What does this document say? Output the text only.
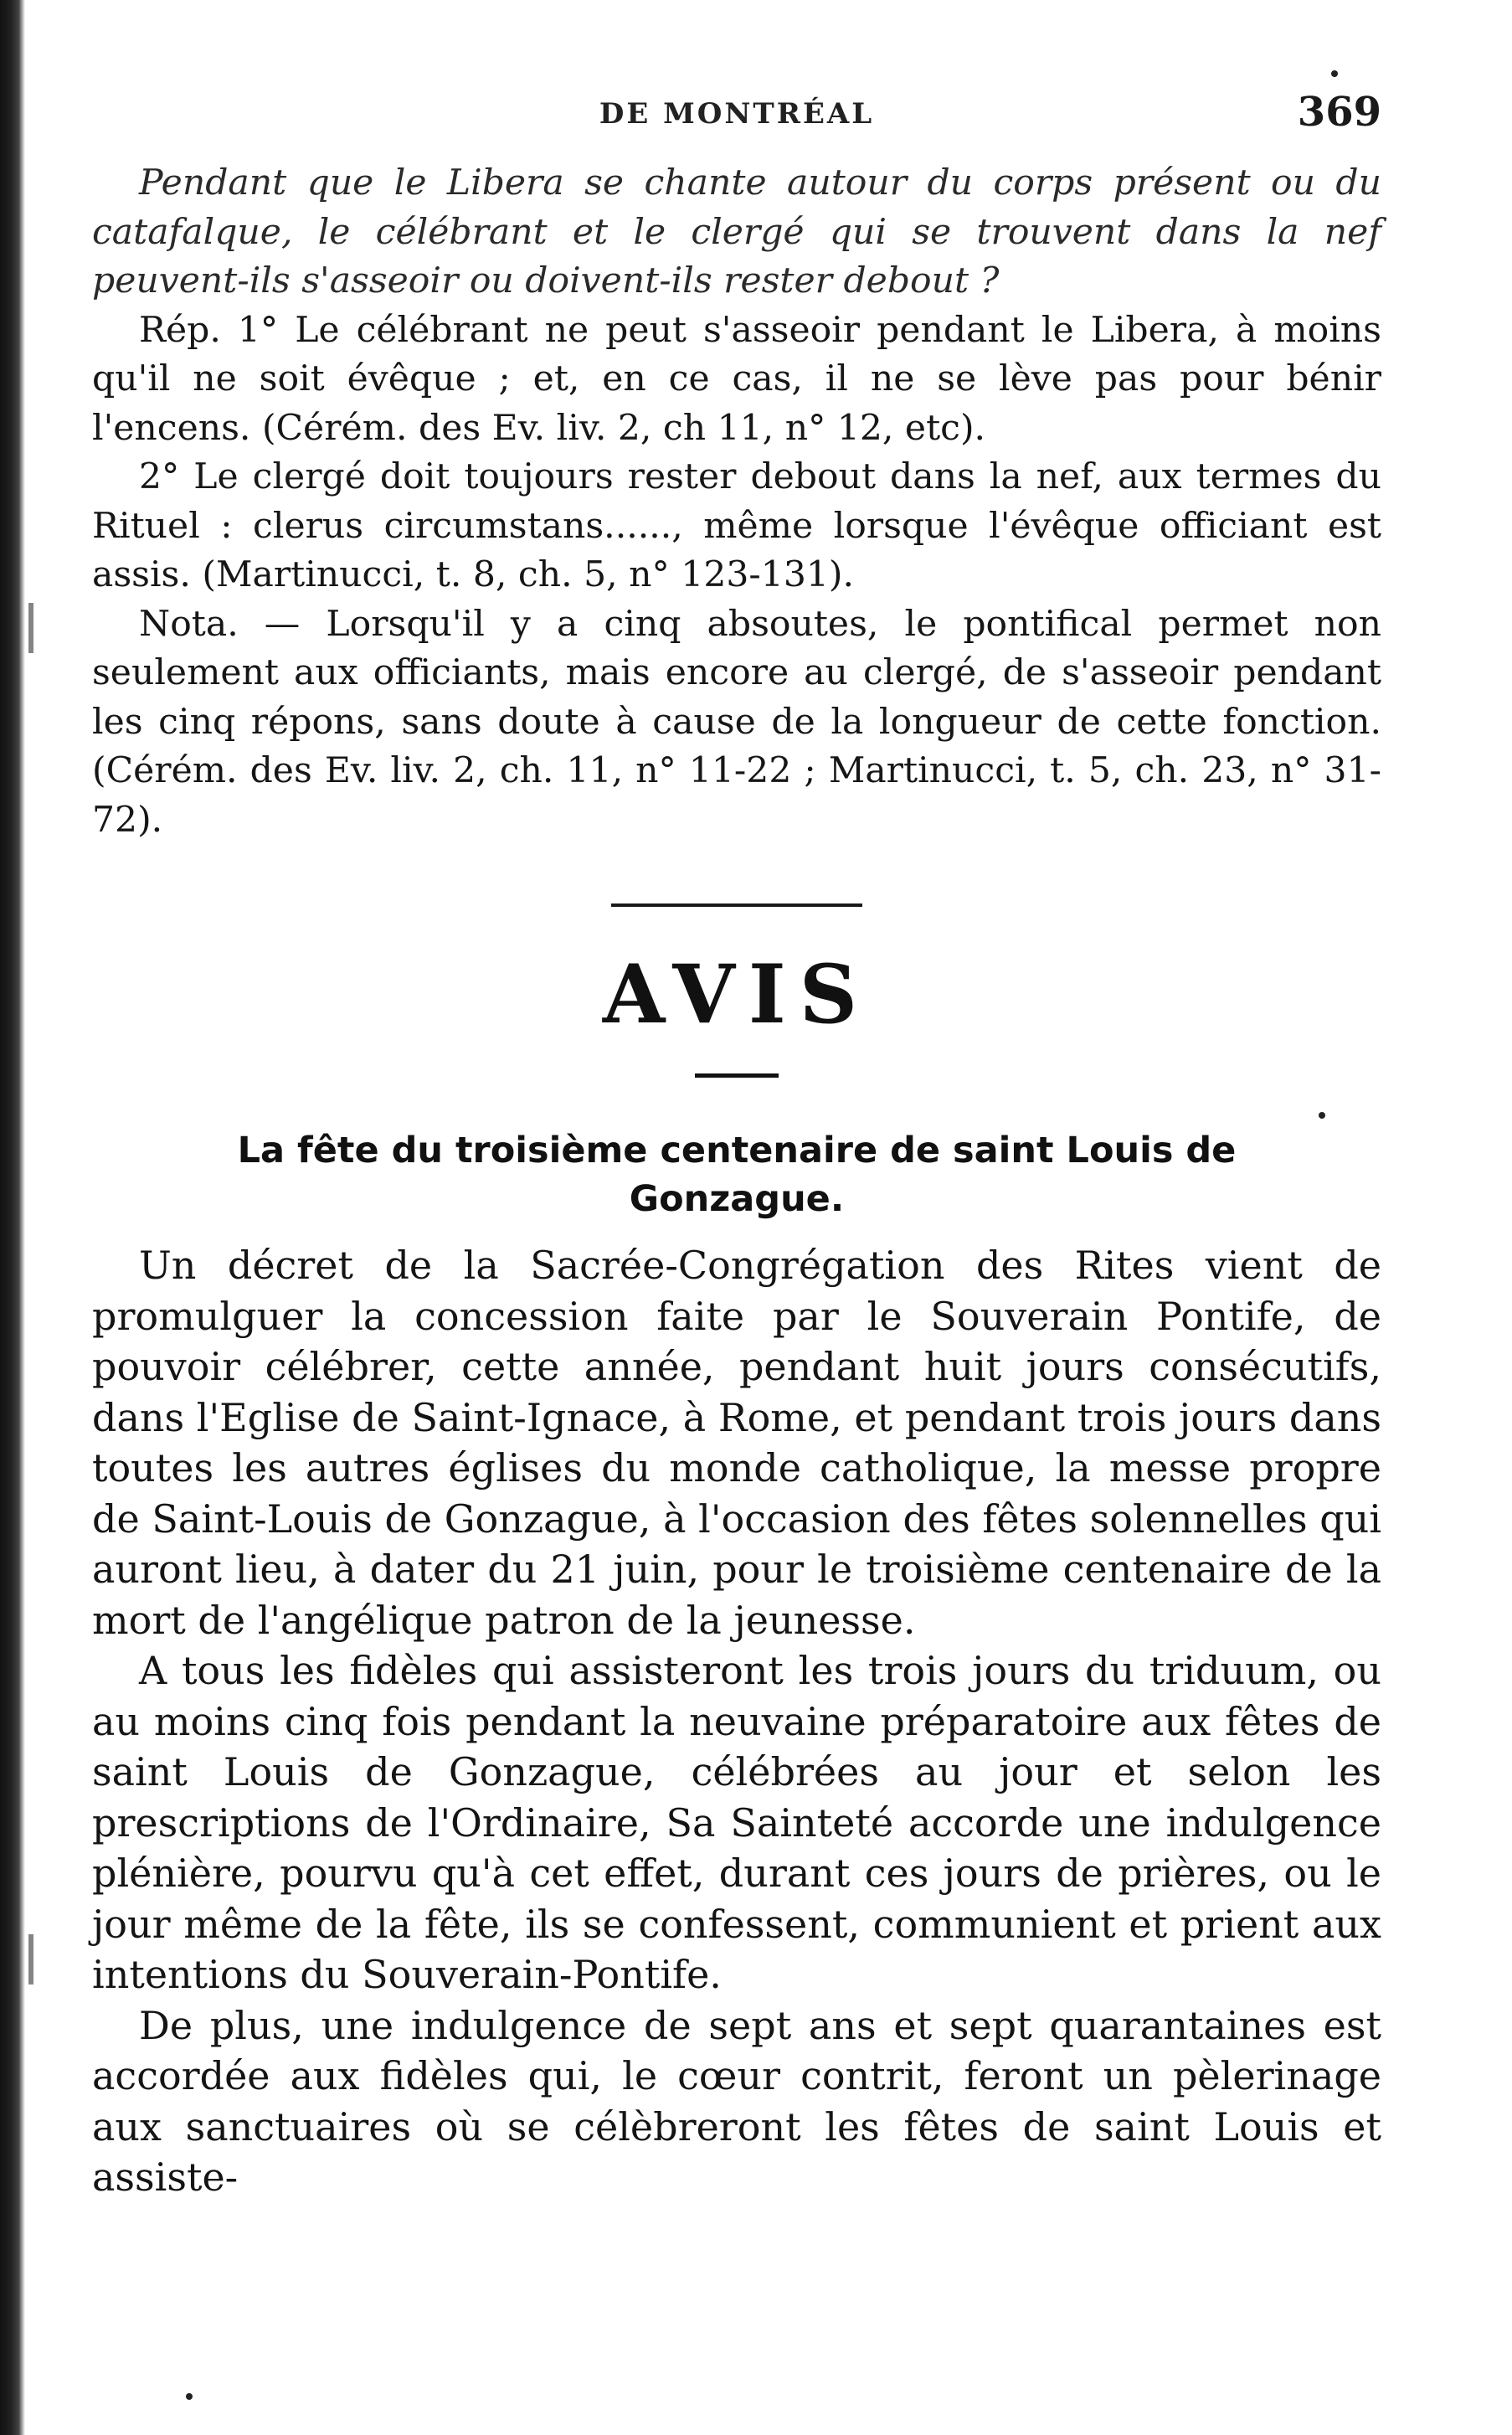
DE MONTRÉAL	369

Pendant que le Libera se chante autour du corps présent ou du catafalque, le célébrant et le clergé qui se trouvent dans la nef peuvent-ils s'asseoir ou doivent-ils rester debout ?

Rép. 1° Le célébrant ne peut s'asseoir pendant le Libera, à moins qu'il ne soit évêque ; et, en ce cas, il ne se lève pas pour bénir l'encens. (Cérém. des Ev. liv. 2, ch 11, n° 12, etc).

2° Le clergé doit toujours rester debout dans la nef, aux termes du Rituel : clerus circumstans......, même lorsque l'évêque officiant est assis. (Martinucci, t. 8, ch. 5, n° 123-131).

Nota. — Lorsqu'il y a cinq absoutes, le pontifical permet non seulement aux officiants, mais encore au clergé, de s'asseoir pendant les cinq répons, sans doute à cause de la longueur de cette fonction. (Cérém. des Ev. liv. 2, ch. 11, n° 11-22 ; Martinucci, t. 5, ch. 23, n° 31-72).

AVIS
La fête du troisième centenaire de saint Louis de Gonzague.

Un décret de la Sacrée-Congrégation des Rites vient de promulguer la concession faite par le Souverain Pontife, de pouvoir célébrer, cette année, pendant huit jours consécutifs, dans l'Eglise de Saint-Ignace, à Rome, et pendant trois jours dans toutes les autres églises du monde catholique, la messe propre de Saint-Louis de Gonzague, à l'occasion des fêtes solennelles qui auront lieu, à dater du 21 juin, pour le troisième centenaire de la mort de l'angélique patron de la jeunesse.

A tous les fidèles qui assisteront les trois jours du triduum, ou au moins cinq fois pendant la neuvaine préparatoire aux fêtes de saint Louis de Gonzague, célébrées au jour et selon les prescriptions de l'Ordinaire, Sa Sainteté accorde une indulgence plénière, pourvu qu'à cet effet, durant ces jours de prières, ou le jour même de la fête, ils se confessent, communient et prient aux intentions du Souverain-Pontife.

De plus, une indulgence de sept ans et sept quarantaines est accordée aux fidèles qui, le cœur contrit, feront un pèlerinage aux sanctuaires où se célèbreront les fêtes de saint Louis et assiste-
